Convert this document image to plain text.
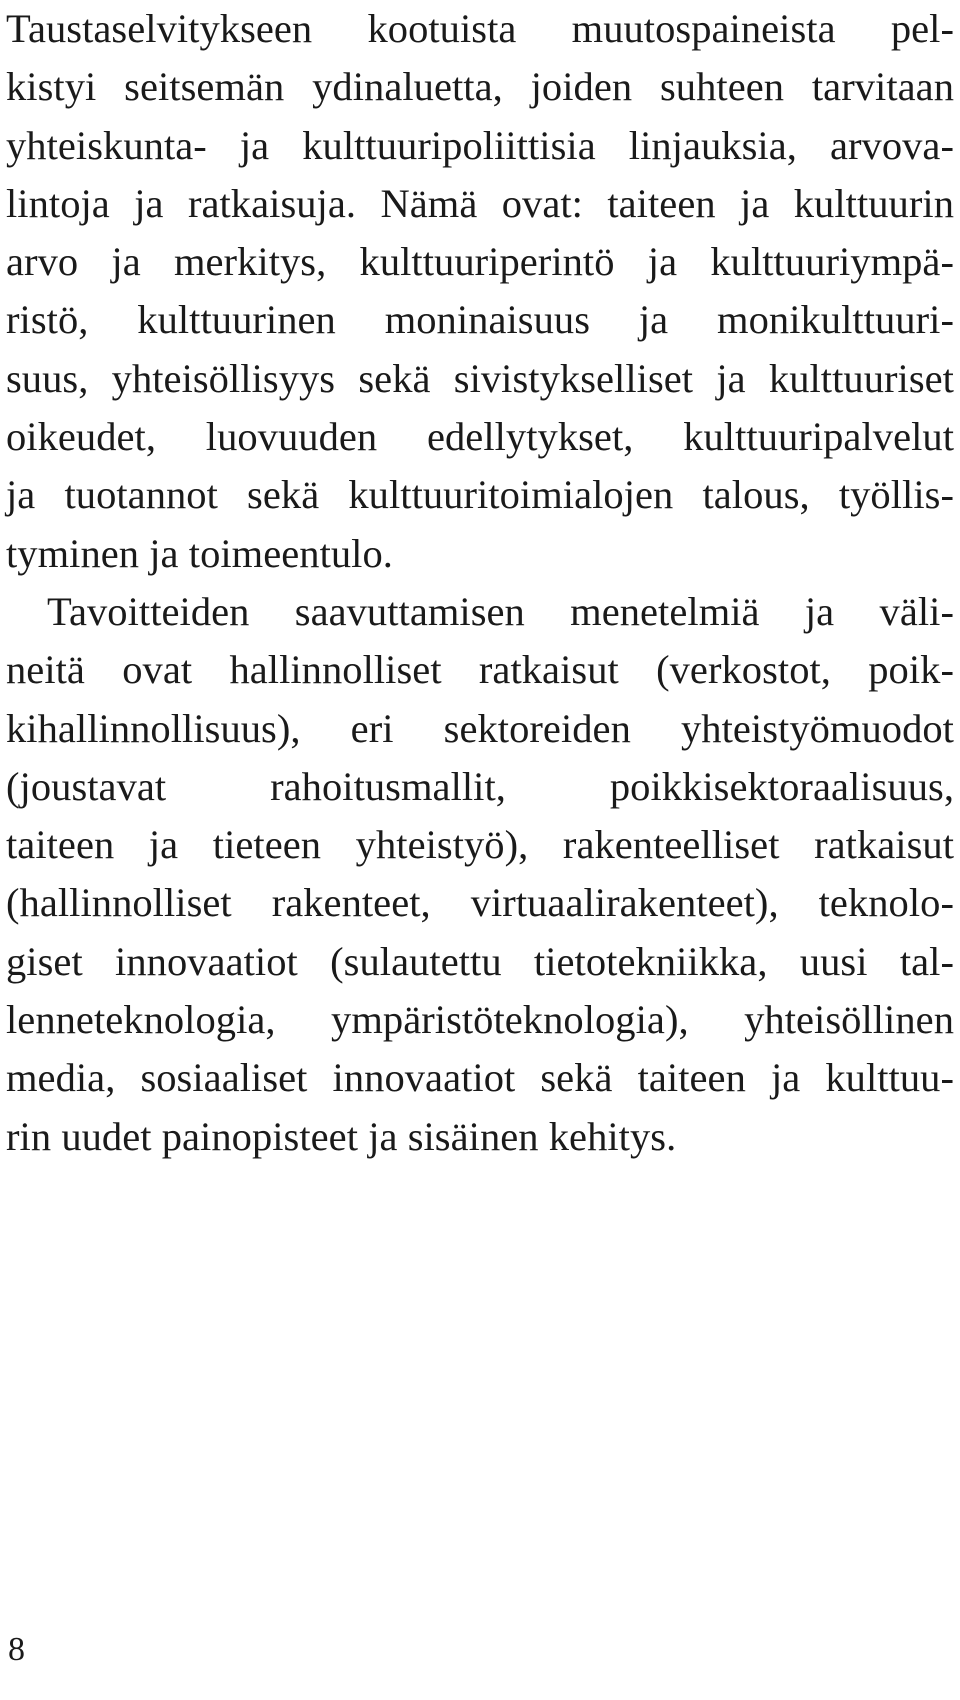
Taustaselvitykseen kootuista muutospaineista pel-
kistyi seitsemän ydinaluetta, joiden suhteen tarvitaan
yhteiskunta- ja kulttuuripoliittisia linjauksia, arvova-
lintoja ja ratkaisuja. Nämä ovat: taiteen ja kulttuurin
arvo ja merkitys, kulttuuriperintö ja kulttuuriympä-
ristö, kulttuurinen moninaisuus ja monikulttuuri-
suus, yhteisöllisyys sekä sivistykselliset ja kulttuuriset
oikeudet, luovuuden edellytykset, kulttuuripalvelut
ja tuotannot sekä kulttuuritoimialojen talous, työllis-
tyminen ja toimeentulo.
Tavoitteiden saavuttamisen menetelmiä ja väli-
neitä ovat hallinnolliset ratkaisut (verkostot, poik-
kihallinnollisuus), eri sektoreiden yhteistyömuodot
(joustavat rahoitusmallit, poikkisektoraalisuus,
taiteen ja tieteen yhteistyö), rakenteelliset ratkaisut
(hallinnolliset rakenteet, virtuaalirakenteet), teknolo-
giset innovaatiot (sulautettu tietotekniikka, uusi tal-
lenneteknologia, ympäristöteknologia), yhteisöllinen
media, sosiaaliset innovaatiot sekä taiteen ja kulttuu-
rin uudet painopisteet ja sisäinen kehitys.
8
